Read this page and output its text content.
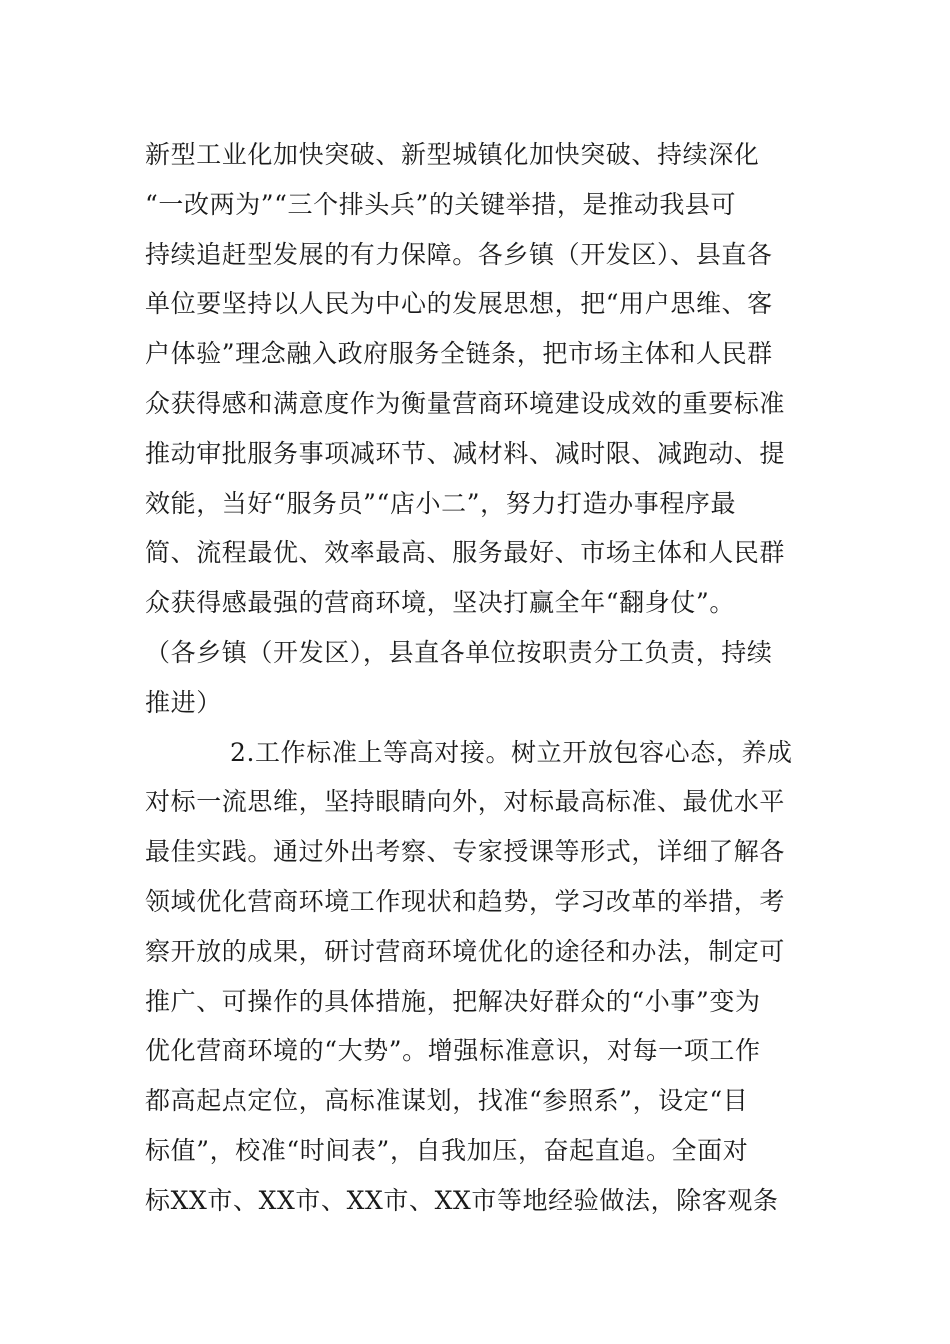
新型工业化加快突破、新型城镇化加快突破、持续深化
“一改两为”“三个排头兵”的关键举措，是推动我县可
持续追赶型发展的有力保障。各乡镇（开发区）、县直各
单位要坚持以人民为中心的发展思想，把“用户思维、客
户体验”理念融入政府服务全链条，把市场主体和人民群
众获得感和满意度作为衡量营商环境建设成效的重要标准
推动审批服务事项减环节、减材料、减时限、减跑动、提
效能，当好“服务员”“店小二”，努力打造办事程序最
简、流程最优、效率最高、服务最好、市场主体和人民群
众获得感最强的营商环境，坚决打赢全年“翻身仗”。
（各乡镇（开发区），县直各单位按职责分工负责，持续
推进）
2.工作标准上等高对接。树立开放包容心态，养成
对标一流思维，坚持眼睛向外，对标最高标准、最优水平
最佳实践。通过外出考察、专家授课等形式，详细了解各
领域优化营商环境工作现状和趋势，学习改革的举措，考
察开放的成果，研讨营商环境优化的途径和办法，制定可
推广、可操作的具体措施，把解决好群众的“小事”变为
优化营商环境的“大势”。增强标准意识，对每一项工作
都高起点定位，高标准谋划，找准“参照系”，设定“目
标值”，校准“时间表”，自我加压，奋起直追。全面对
标XX市、XX市、XX市、XX市等地经验做法，除客观条
